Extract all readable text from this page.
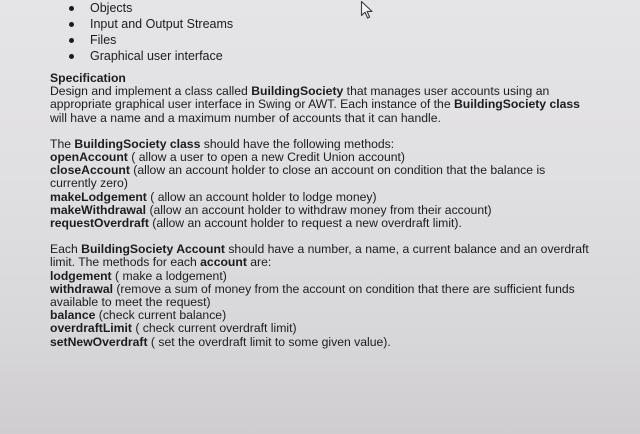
Objects
Input and Output Streams
Files
Graphical user interface

Specification

Design and implement a class called BuildingSociety that manages user accounts using an appropriate graphical user interface in Swing or AWT. Each instance of the BuildingSociety class will have a name and a maximum number of accounts that it can handle.

The BuildingSociety class should have the following methods:

openAccount ( allow a user to open a new Credit Union account)

closeAccount (allow an account holder to close an account on condition that the balance is currently zero)

makeLodgement ( allow an account holder to lodge money)

makeWithdrawal (allow an account holder to withdraw money from their account)

requestOverdraft (allow an account holder to request a new overdraft limit).

Each BuildingSociety Account should have a number, a name, a current balance and an overdraft limit. The methods for each account are:

lodgement ( make a lodgement)

withdrawal (remove a sum of money from the account on condition that there are sufficient funds available to meet the request)

balance (check current balance)

overdraftLimit ( check current overdraft limit)

setNewOverdraft ( set the overdraft limit to some given value).
